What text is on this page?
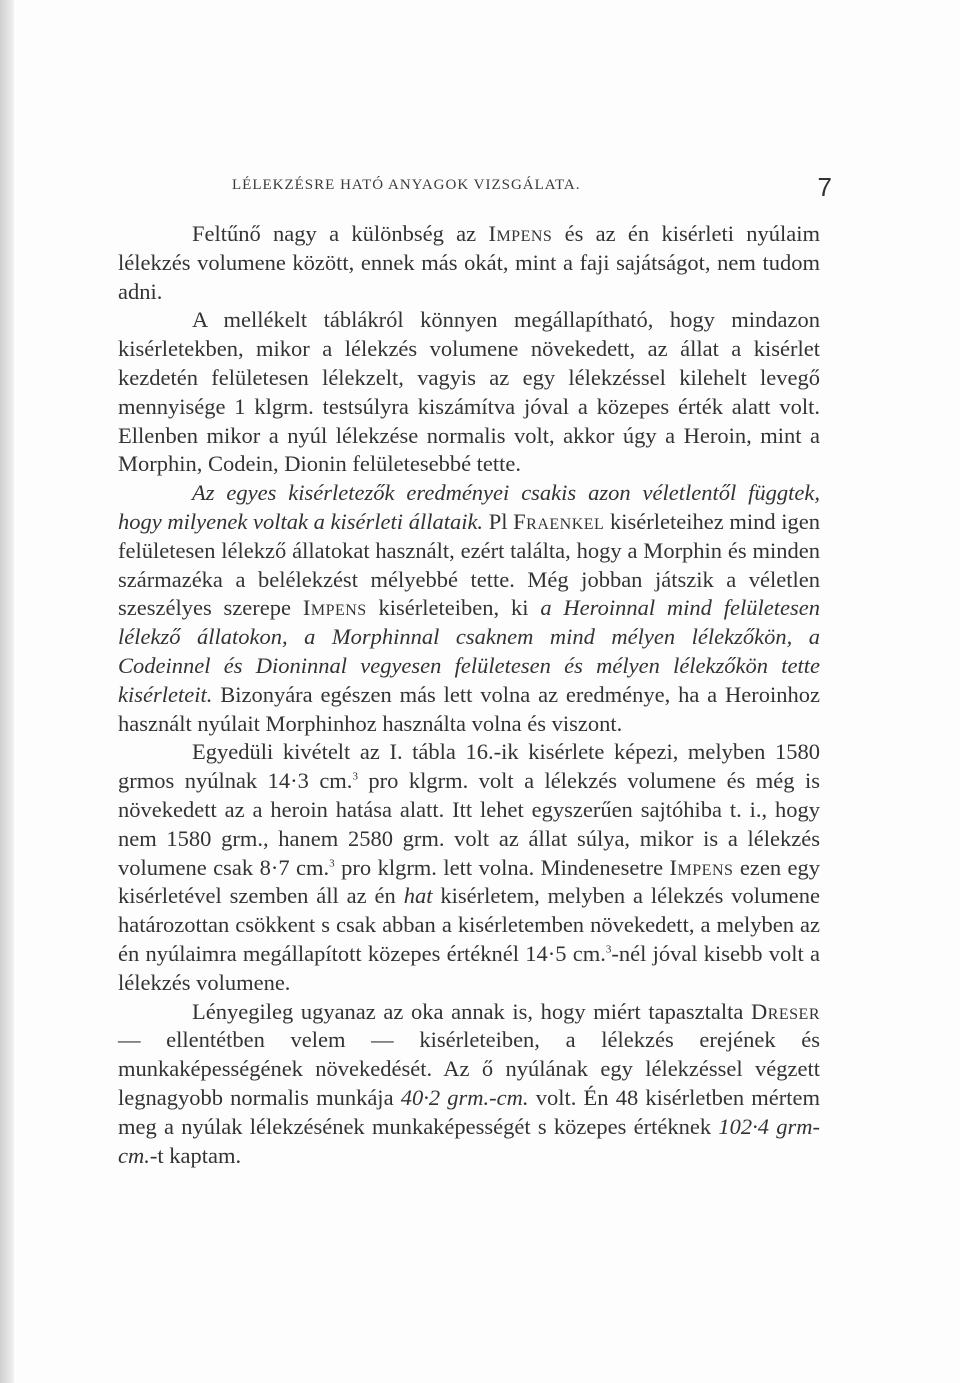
LÉLEKZÉSRE HATÓ ANYAGOK VIZSGÁLATA.	7

Feltűnő nagy a különbség az Impens és az én kisérleti nyúlaim lélekzés volumene között, ennek más okát, mint a faji sajátságot, nem tudom adni.

A mellékelt táblákról könnyen megállapítható, hogy mindazon kisérletekben, mikor a lélekzés volumene növekedett, az állat a kisérlet kezdetén felületesen lélekzelt, vagyis az egy lélekzéssel kilehelt levegő mennyisége 1 klgrm. testsúlyra kiszámítva jóval a közepes érték alatt volt. Ellenben mikor a nyúl lélekzése normalis volt, akkor úgy a Heroin, mint a Morphin, Codein, Dionin felületesebbé tette.

Az egyes kisérletezők eredményei csakis azon véletlentől függtek, hogy milyenek voltak a kisérleti állataik. Pl Fraenkel kisérleteihez mind igen felületesen lélekző állatokat használt, ezért találta, hogy a Morphin és minden származéka a belélekzést mélyebbé tette. Még jobban játszik a véletlen szeszélyes szerepe Impens kisérleteiben, ki a Heroinnal mind felületesen lélekző állatokon, a Morphinnal csaknem mind mélyen lélekzőkön, a Codeinnel és Dioninnal vegyesen felületesen és mélyen lélekzőkön tette kisérleteit. Bizonyára egészen más lett volna az eredménye, ha a Heroinhoz használt nyúlait Morphinhoz használta volna és viszont.

Egyedüli kivételt az I. tábla 16.-ik kisérlete képezi, melyben 1580 grmos nyúlnak 14·3 cm.$^3$ pro klgrm. volt a lélekzés volumene és még is növekedett az a heroin hatása alatt. Itt lehet egyszerűen sajtóhiba t. i., hogy nem 1580 grm., hanem 2580 grm. volt az állat súlya, mikor is a lélekzés volumene csak 8·7 cm.$^3$ pro klgrm. lett volna. Mindenesetre Impens ezen egy kisérletével szemben áll az én hat kisérletem, melyben a lélekzés volumene határozottan csökkent s csak abban a kisérletemben növekedett, a melyben az én nyúlaimra megállapított közepes értéknél 14·5 cm.$^3$-nél jóval kisebb volt a lélekzés volumene.

Lényegileg ugyanaz az oka annak is, hogy miért tapasztalta Dreser — ellentétben velem — kisérleteiben, a lélekzés erejének és munkaképességének növekedését. Az ő nyúlának egy lélekzéssel végzett legnagyobb normalis munkája 40·2 grm.-cm. volt. Én 48 kisérletben mértem meg a nyúlak lélekzésének munkaképességét s közepes értéknek 102·4 grm-cm.-t kaptam.
